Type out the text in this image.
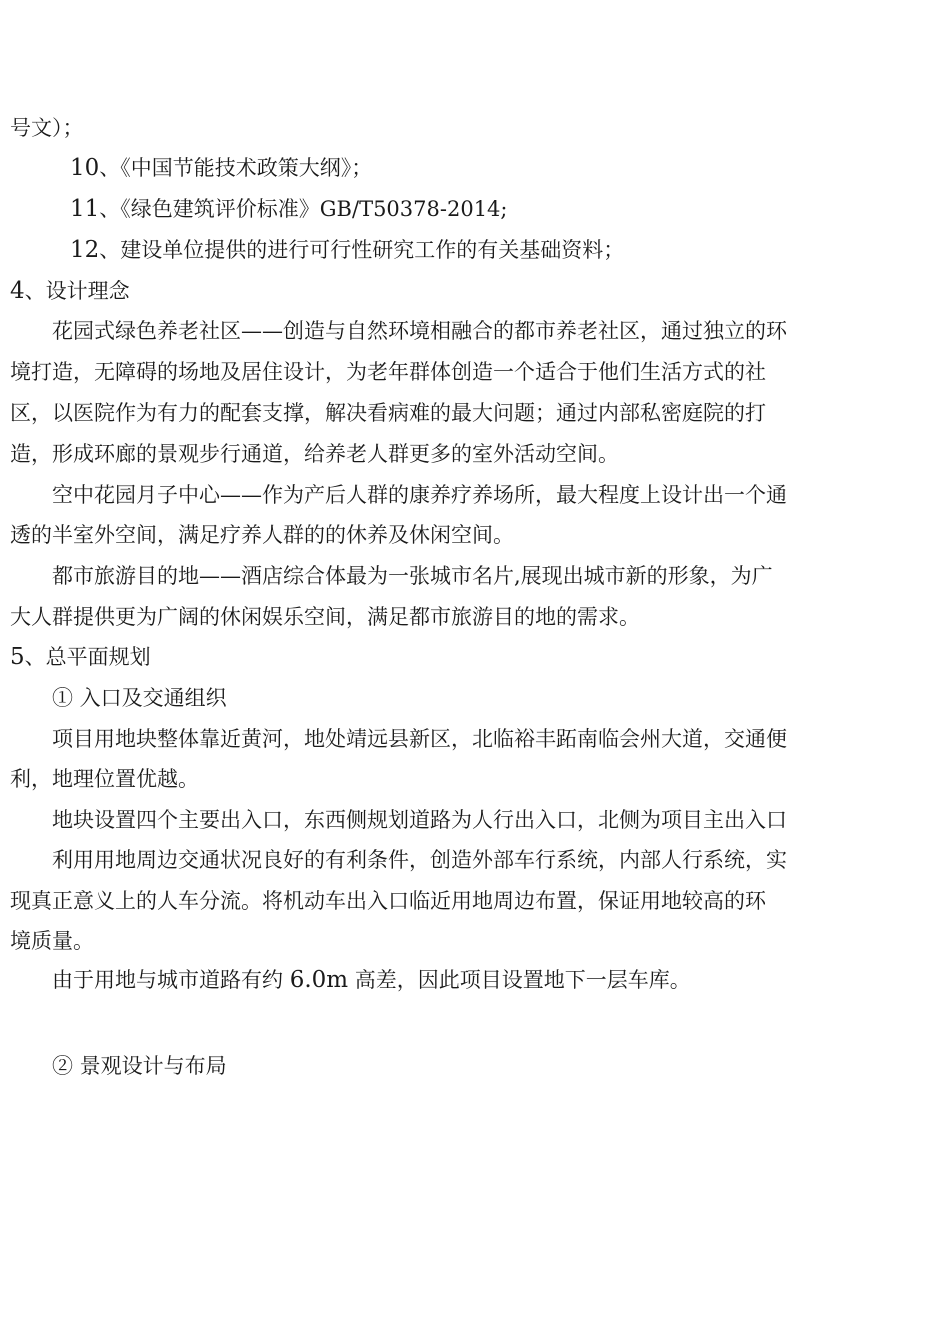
号文）；
10、《中国节能技术政策大纲》；
11、《绿色建筑评价标准》GB/T50378-2014;
12、建设单位提供的进行可行性研究工作的有关基础资料；
4、设计理念
花园式绿色养老社区——创造与自然环境相融合的都市养老社区，通过独立的环
境打造，无障碍的场地及居住设计，为老年群体创造一个适合于他们生活方式的社
区，以医院作为有力的配套支撑，解决看病难的最大问题；通过内部私密庭院的打
造，形成环廊的景观步行通道，给养老人群更多的室外活动空间。
空中花园月子中心——作为产后人群的康养疗养场所，最大程度上设计出一个通
透的半室外空间，满足疗养人群的的休养及休闲空间。
都市旅游目的地——酒店综合体最为一张城市名片,展现出城市新的形象，为广
大人群提供更为广阔的休闲娱乐空间，满足都市旅游目的地的需求。
5、总平面规划
① 入口及交通组织
项目用地块整体靠近黄河，地处靖远县新区，北临裕丰跖南临会州大道，交通便
利，地理位置优越。
地块设置四个主要出入口，东西侧规划道路为人行出入口，北侧为项目主出入口
利用用地周边交通状况良好的有利条件，创造外部车行系统，内部人行系统，实
现真正意义上的人车分流。将机动车出入口临近用地周边布置，保证用地较高的环
境质量。
由于用地与城市道路有约 6.0m 高差，因此项目设置地下一层车库。
② 景观设计与布局
